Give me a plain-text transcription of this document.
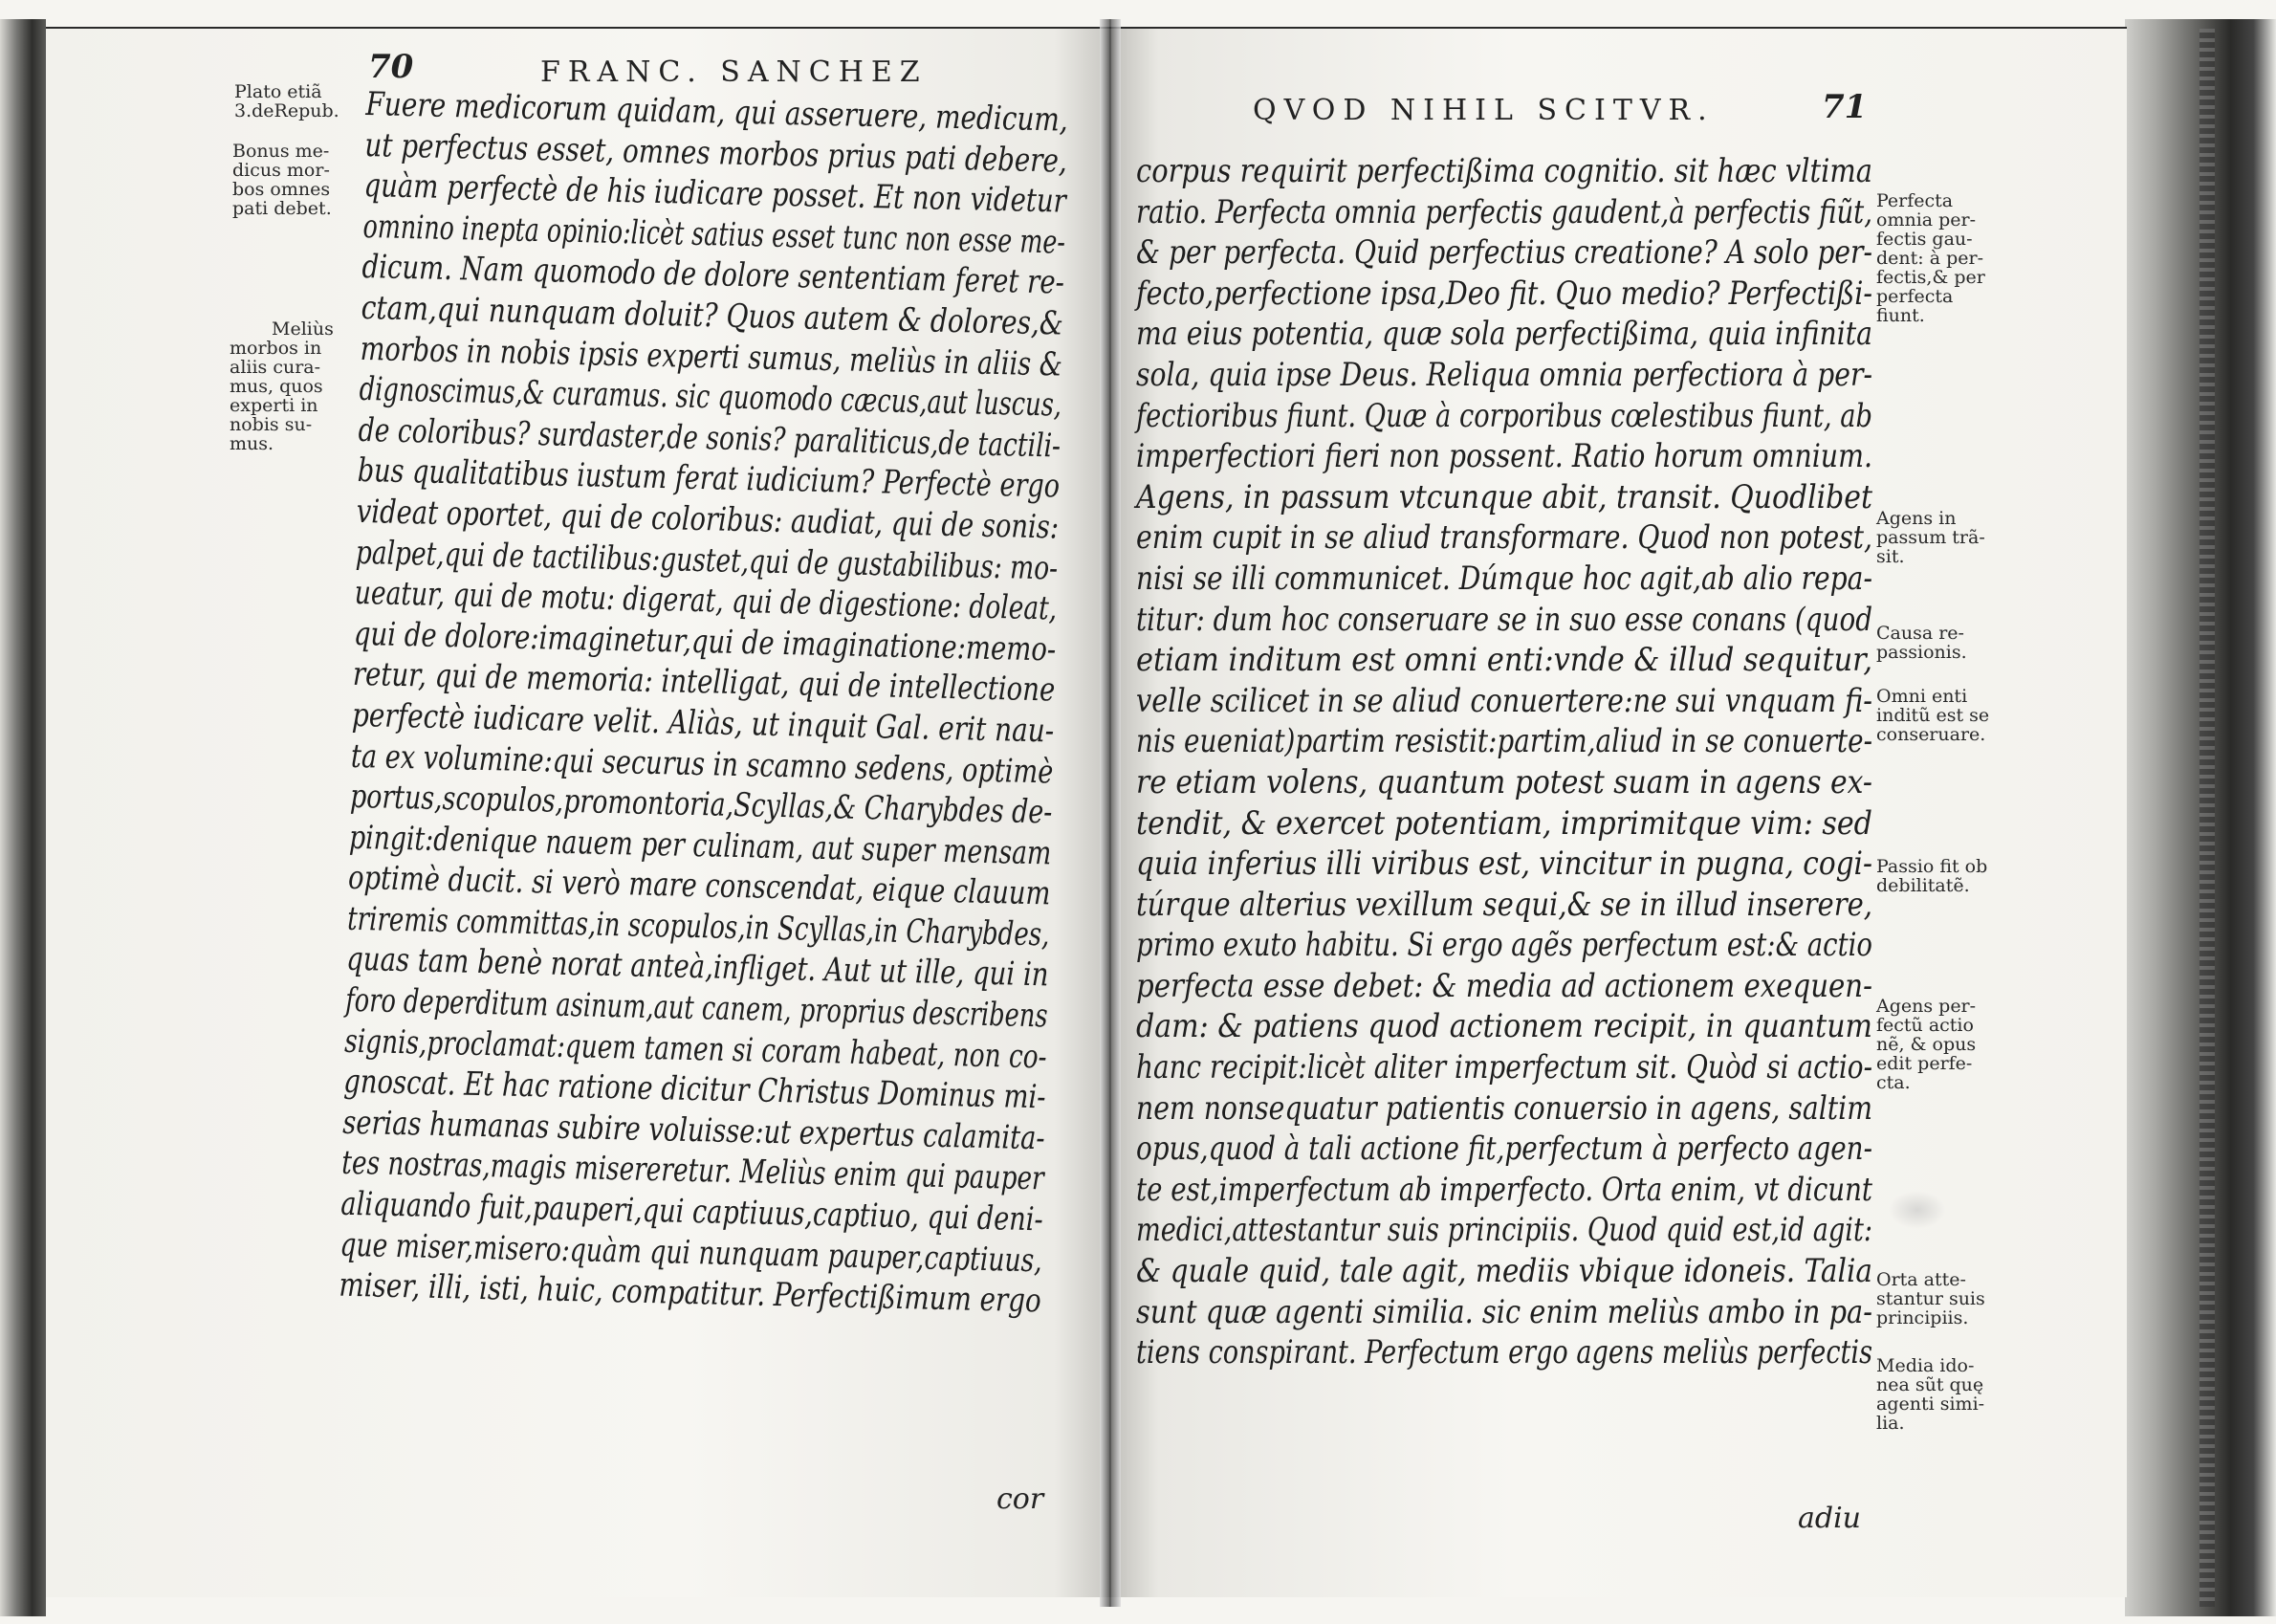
70	FRANC. SANCHEZ
QVOD NIHIL SCITVR.	71
Plato etiã
3.deRepub.
Bonus me-
dicus mor-
bos omnes
pati debet.
Meliùs
morbos in
aliis cura-
mus, quos
experti in
nobis su-
mus.
Fuere medicorum quidam, qui asseruere, medicum,
ut perfectus esset, omnes morbos prius pati debere,
quàm perfectè de his iudicare posset. Et non videtur
omnino inepta opinio:licèt satius esset tunc non esse me-
dicum. Nam quomodo de dolore sententiam feret re-
ctam,qui nunquam doluit? Quos autem & dolores,&
morbos in nobis ipsis experti sumus, meliùs in aliis &
dignoscimus,& curamus. sic quomodo cæcus,aut luscus,
de coloribus? surdaster,de sonis? paraliticus,de tactili-
bus qualitatibus iustum ferat iudicium? Perfectè ergo
videat oportet, qui de coloribus: audiat, qui de sonis:
palpet,qui de tactilibus:gustet,qui de gustabilibus: mo-
ueatur, qui de motu: digerat, qui de digestione: doleat,
qui de dolore:imaginetur,qui de imaginatione:memo-
retur, qui de memoria: intelligat, qui de intellectione
perfectè iudicare velit. Aliàs, ut inquit Gal. erit nau-
ta ex volumine:qui securus in scamno sedens, optimè
portus,scopulos,promontoria,Scyllas,& Charybdes de-
pingit:denique nauem per culinam, aut super mensam
optimè ducit. si verò mare conscendat, eique clauum
triremis committas,in scopulos,in Scyllas,in Charybdes,
quas tam benè norat anteà,infliget. Aut ut ille, qui in
foro deperditum asinum,aut canem, proprius describens
signis,proclamat:quem tamen si coram habeat, non co-
gnoscat. Et hac ratione dicitur Christus Dominus mi-
serias humanas subire voluisse:ut expertus calamita-
tes nostras,magis misereretur. Meliùs enim qui pauper
aliquando fuit,pauperi,qui captiuus,captiuo, qui deni-
que miser,misero:quàm qui nunquam pauper,captiuus,
miser, illi, isti, huic, compatitur. Perfectißimum ergo
cor
corpus requirit perfectißima cognitio. sit hæc vltima
ratio. Perfecta omnia perfectis gaudent,à perfectis fiũt,
& per perfecta. Quid perfectius creatione? A solo per-
fecto,perfectione ipsa,Deo fit. Quo medio? Perfectißi-
ma eius potentia, quæ sola perfectißima, quia infinita
sola, quia ipse Deus. Reliqua omnia perfectiora à per-
fectioribus fiunt. Quæ à corporibus cœlestibus fiunt, ab
imperfectiori fieri non possent. Ratio horum omnium.
Agens, in passum vtcunque abit, transit. Quodlibet
enim cupit in se aliud transformare. Quod non potest,
nisi se illi communicet. Dúmque hoc agit,ab alio repa-
titur: dum hoc conseruare se in suo esse conans (quod
etiam inditum est omni enti:vnde & illud sequitur,
velle scilicet in se aliud conuertere:ne sui vnquam fi-
nis eueniat)partim resistit:partim,aliud in se conuerte-
re etiam volens, quantum potest suam in agens ex-
tendit, & exercet potentiam, imprimitque vim: sed
quia inferius illi viribus est, vincitur in pugna, cogi-
túrque alterius vexillum sequi,& se in illud inserere,
primo exuto habitu. Si ergo agẽs perfectum est:& actio
perfecta esse debet: & media ad actionem exequen-
dam: & patiens quod actionem recipit, in quantum
hanc recipit:licèt aliter imperfectum sit. Quòd si actio-
nem nonsequatur patientis conuersio in agens, saltim
opus,quod à tali actione fit,perfectum à perfecto agen-
te est,imperfectum ab imperfecto. Orta enim, vt dicunt
medici,attestantur suis principiis. Quod quid est,id agit:
& quale quid, tale agit, mediis vbique idoneis. Talia
sunt quæ agenti similia. sic enim meliùs ambo in pa-
tiens conspirant. Perfectum ergo agens meliùs perfectis
adiu
Perfecta
omnia per-
fectis gau-
dent: à per-
fectis,& per
perfecta
fiunt.
Agens in
passum trã-
sit.
Causa re-
passionis.
Omni enti
inditũ est se
conseruare.
Passio fit ob
debilitatẽ.
Agens per-
fectũ actio
nẽ, & opus
edit perfe-
cta.
Orta atte-
stantur suis
principiis.
Media ido-
nea sũt quę
agenti simi-
lia.
